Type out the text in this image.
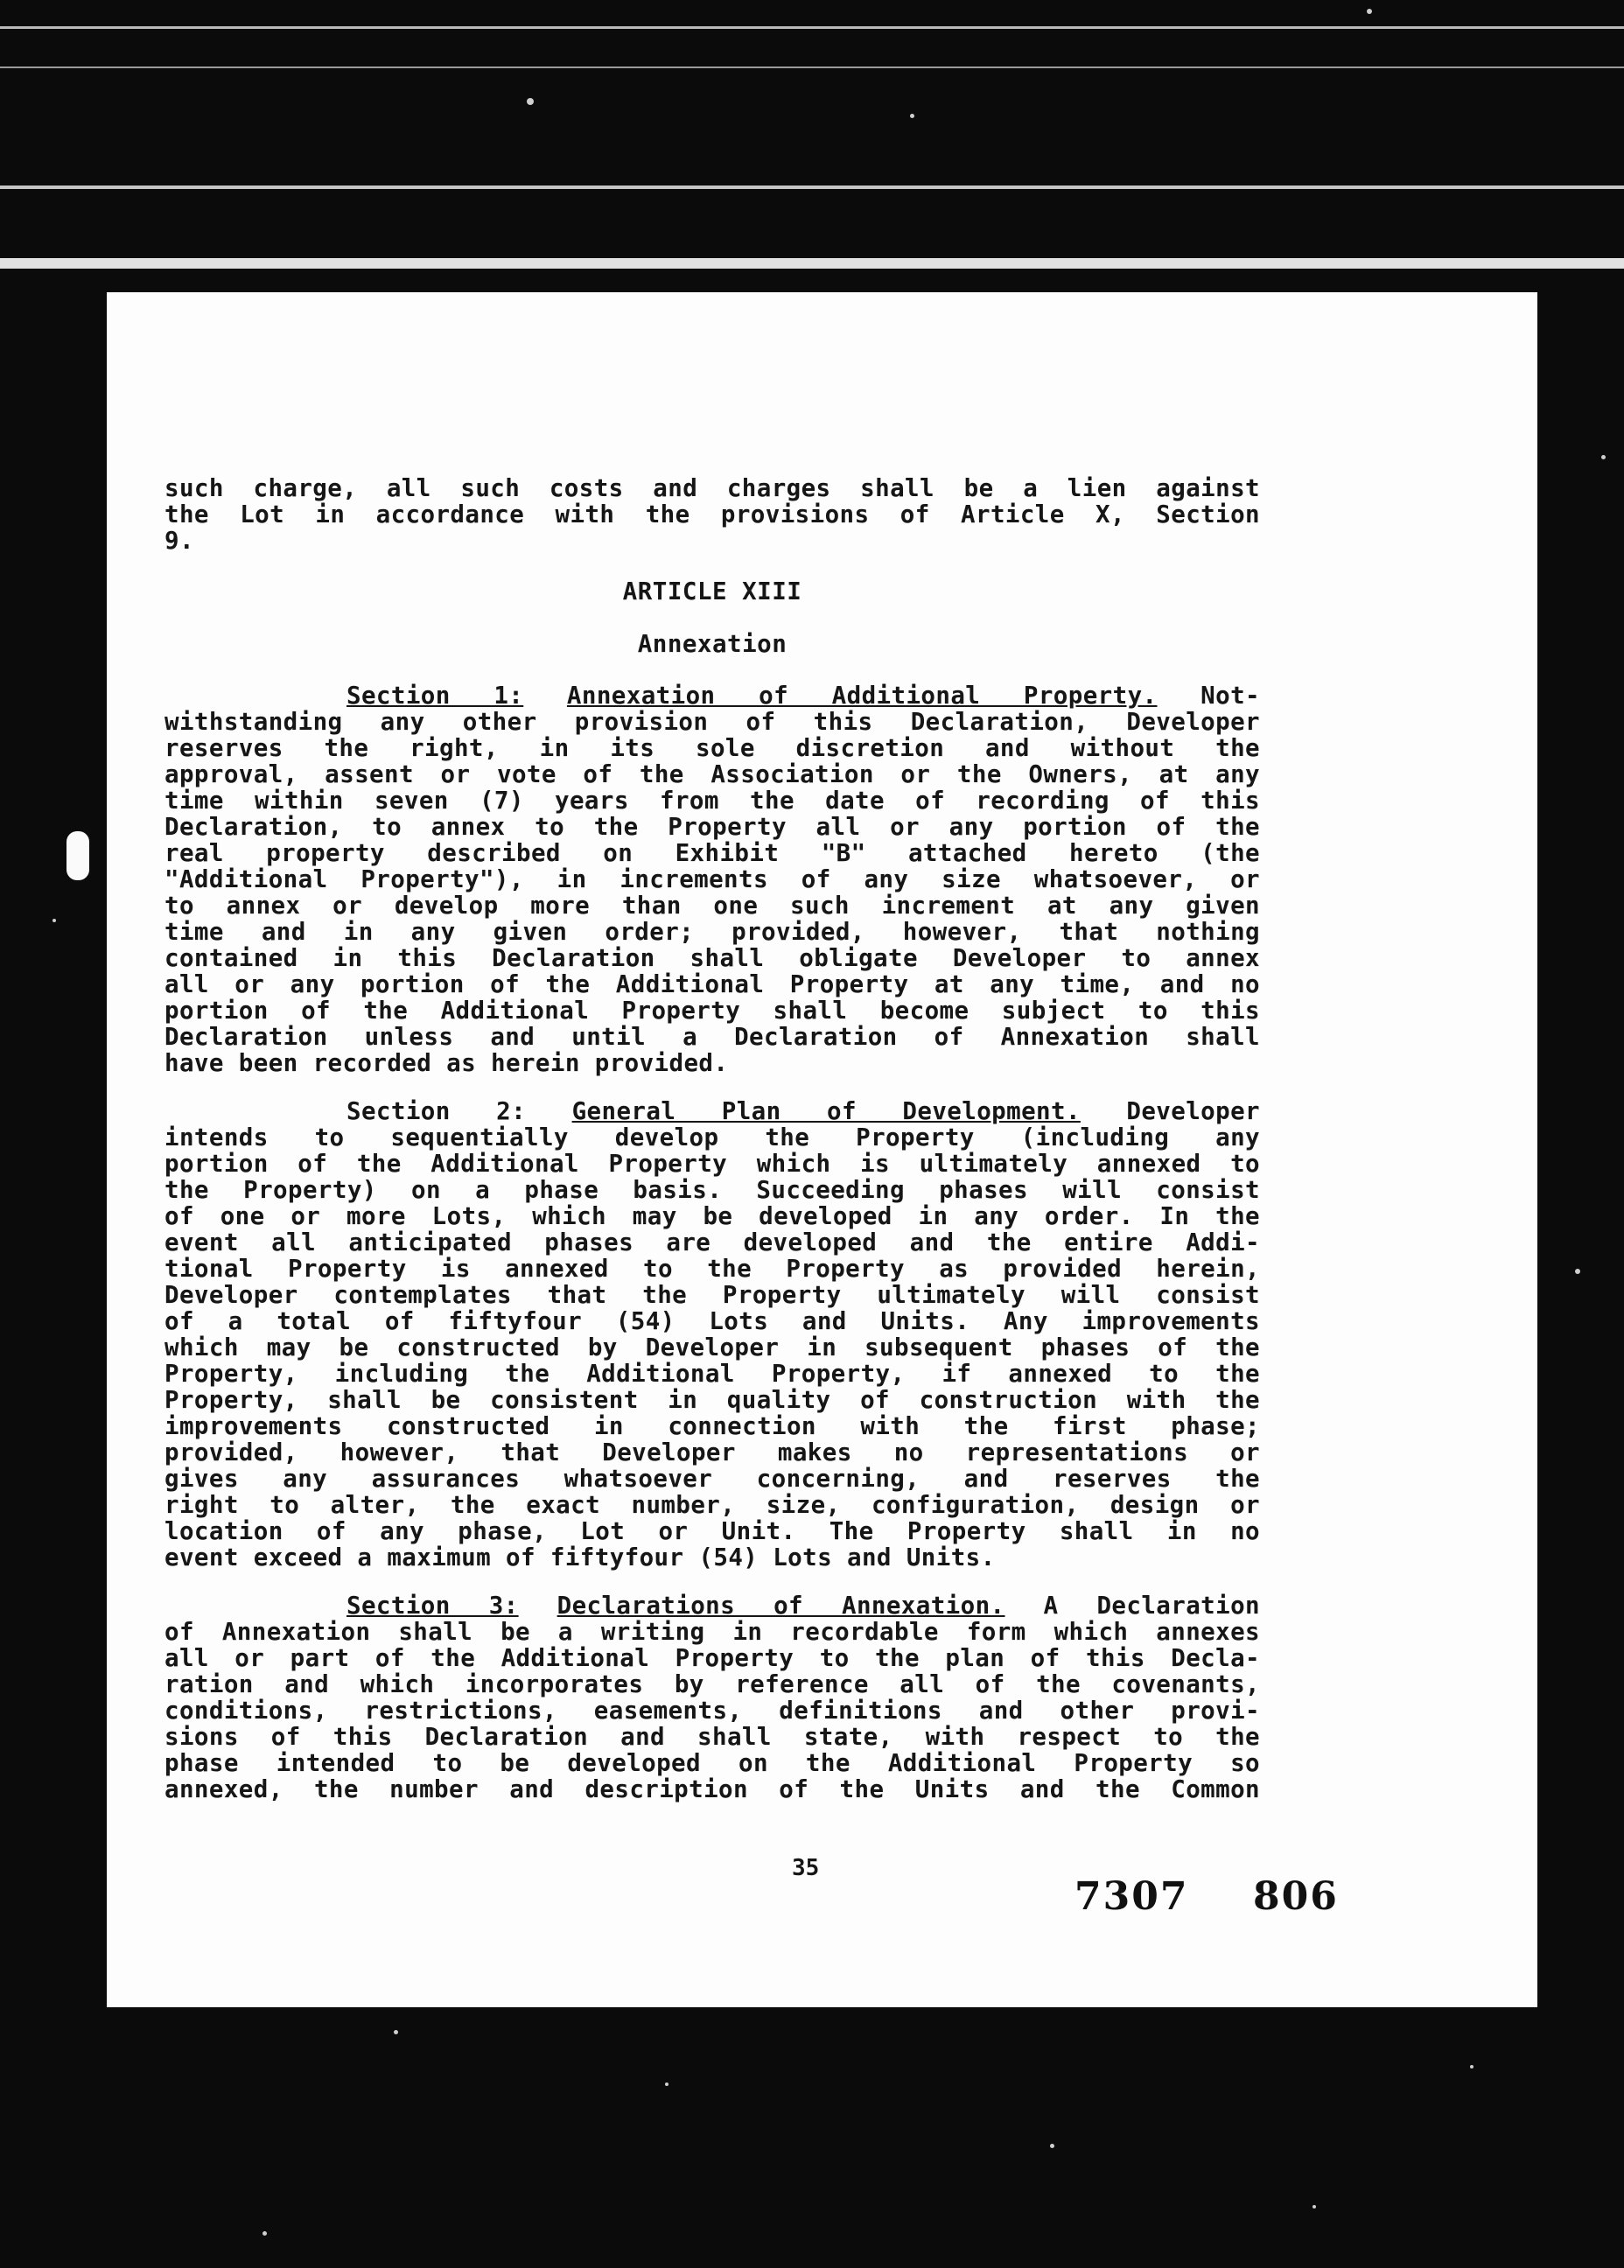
such charge, all such costs and charges shall be a lien against
the Lot in accordance with the provisions of Article X, Section
9.
ARTICLE XIII
Annexation
Section 1: Annexation of Additional Property. Not-
withstanding any other provision of this Declaration, Developer
reserves the right, in its sole discretion and without the
approval, assent or vote of the Association or the Owners, at any
time within seven (7) years from the date of recording of this
Declaration, to annex to the Property all or any portion of the
real property described on Exhibit "B" attached hereto (the
"Additional Property"), in increments of any size whatsoever, or
to annex or develop more than one such increment at any given
time and in any given order; provided, however, that nothing
contained in this Declaration shall obligate Developer to annex
all or any portion of the Additional Property at any time, and no
portion of the Additional Property shall become subject to this
Declaration unless and until a Declaration of Annexation shall
have been recorded as herein provided.
Section 2: General Plan of Development. Developer
intends to sequentially develop the Property (including any
portion of the Additional Property which is ultimately annexed to
the Property) on a phase basis. Succeeding phases will consist
of one or more Lots, which may be developed in any order. In the
event all anticipated phases are developed and the entire Addi-
tional Property is annexed to the Property as provided herein,
Developer contemplates that the Property ultimately will consist
of a total of fiftyfour (54) Lots and Units. Any improvements
which may be constructed by Developer in subsequent phases of the
Property, including the Additional Property, if annexed to the
Property, shall be consistent in quality of construction with the
improvements constructed in connection with the first phase;
provided, however, that Developer makes no representations or
gives any assurances whatsoever concerning, and reserves the
right to alter, the exact number, size, configuration, design or
location of any phase, Lot or Unit. The Property shall in no
event exceed a maximum of fiftyfour (54) Lots and Units.
Section 3: Declarations of Annexation. A Declaration
of Annexation shall be a writing in recordable form which annexes
all or part of the Additional Property to the plan of this Decla-
ration and which incorporates by reference all of the covenants,
conditions, restrictions, easements, definitions and other provi-
sions of this Declaration and shall state, with respect to the
phase intended to be developed on the Additional Property so
annexed, the number and description of the Units and the Common
35
7307 806
